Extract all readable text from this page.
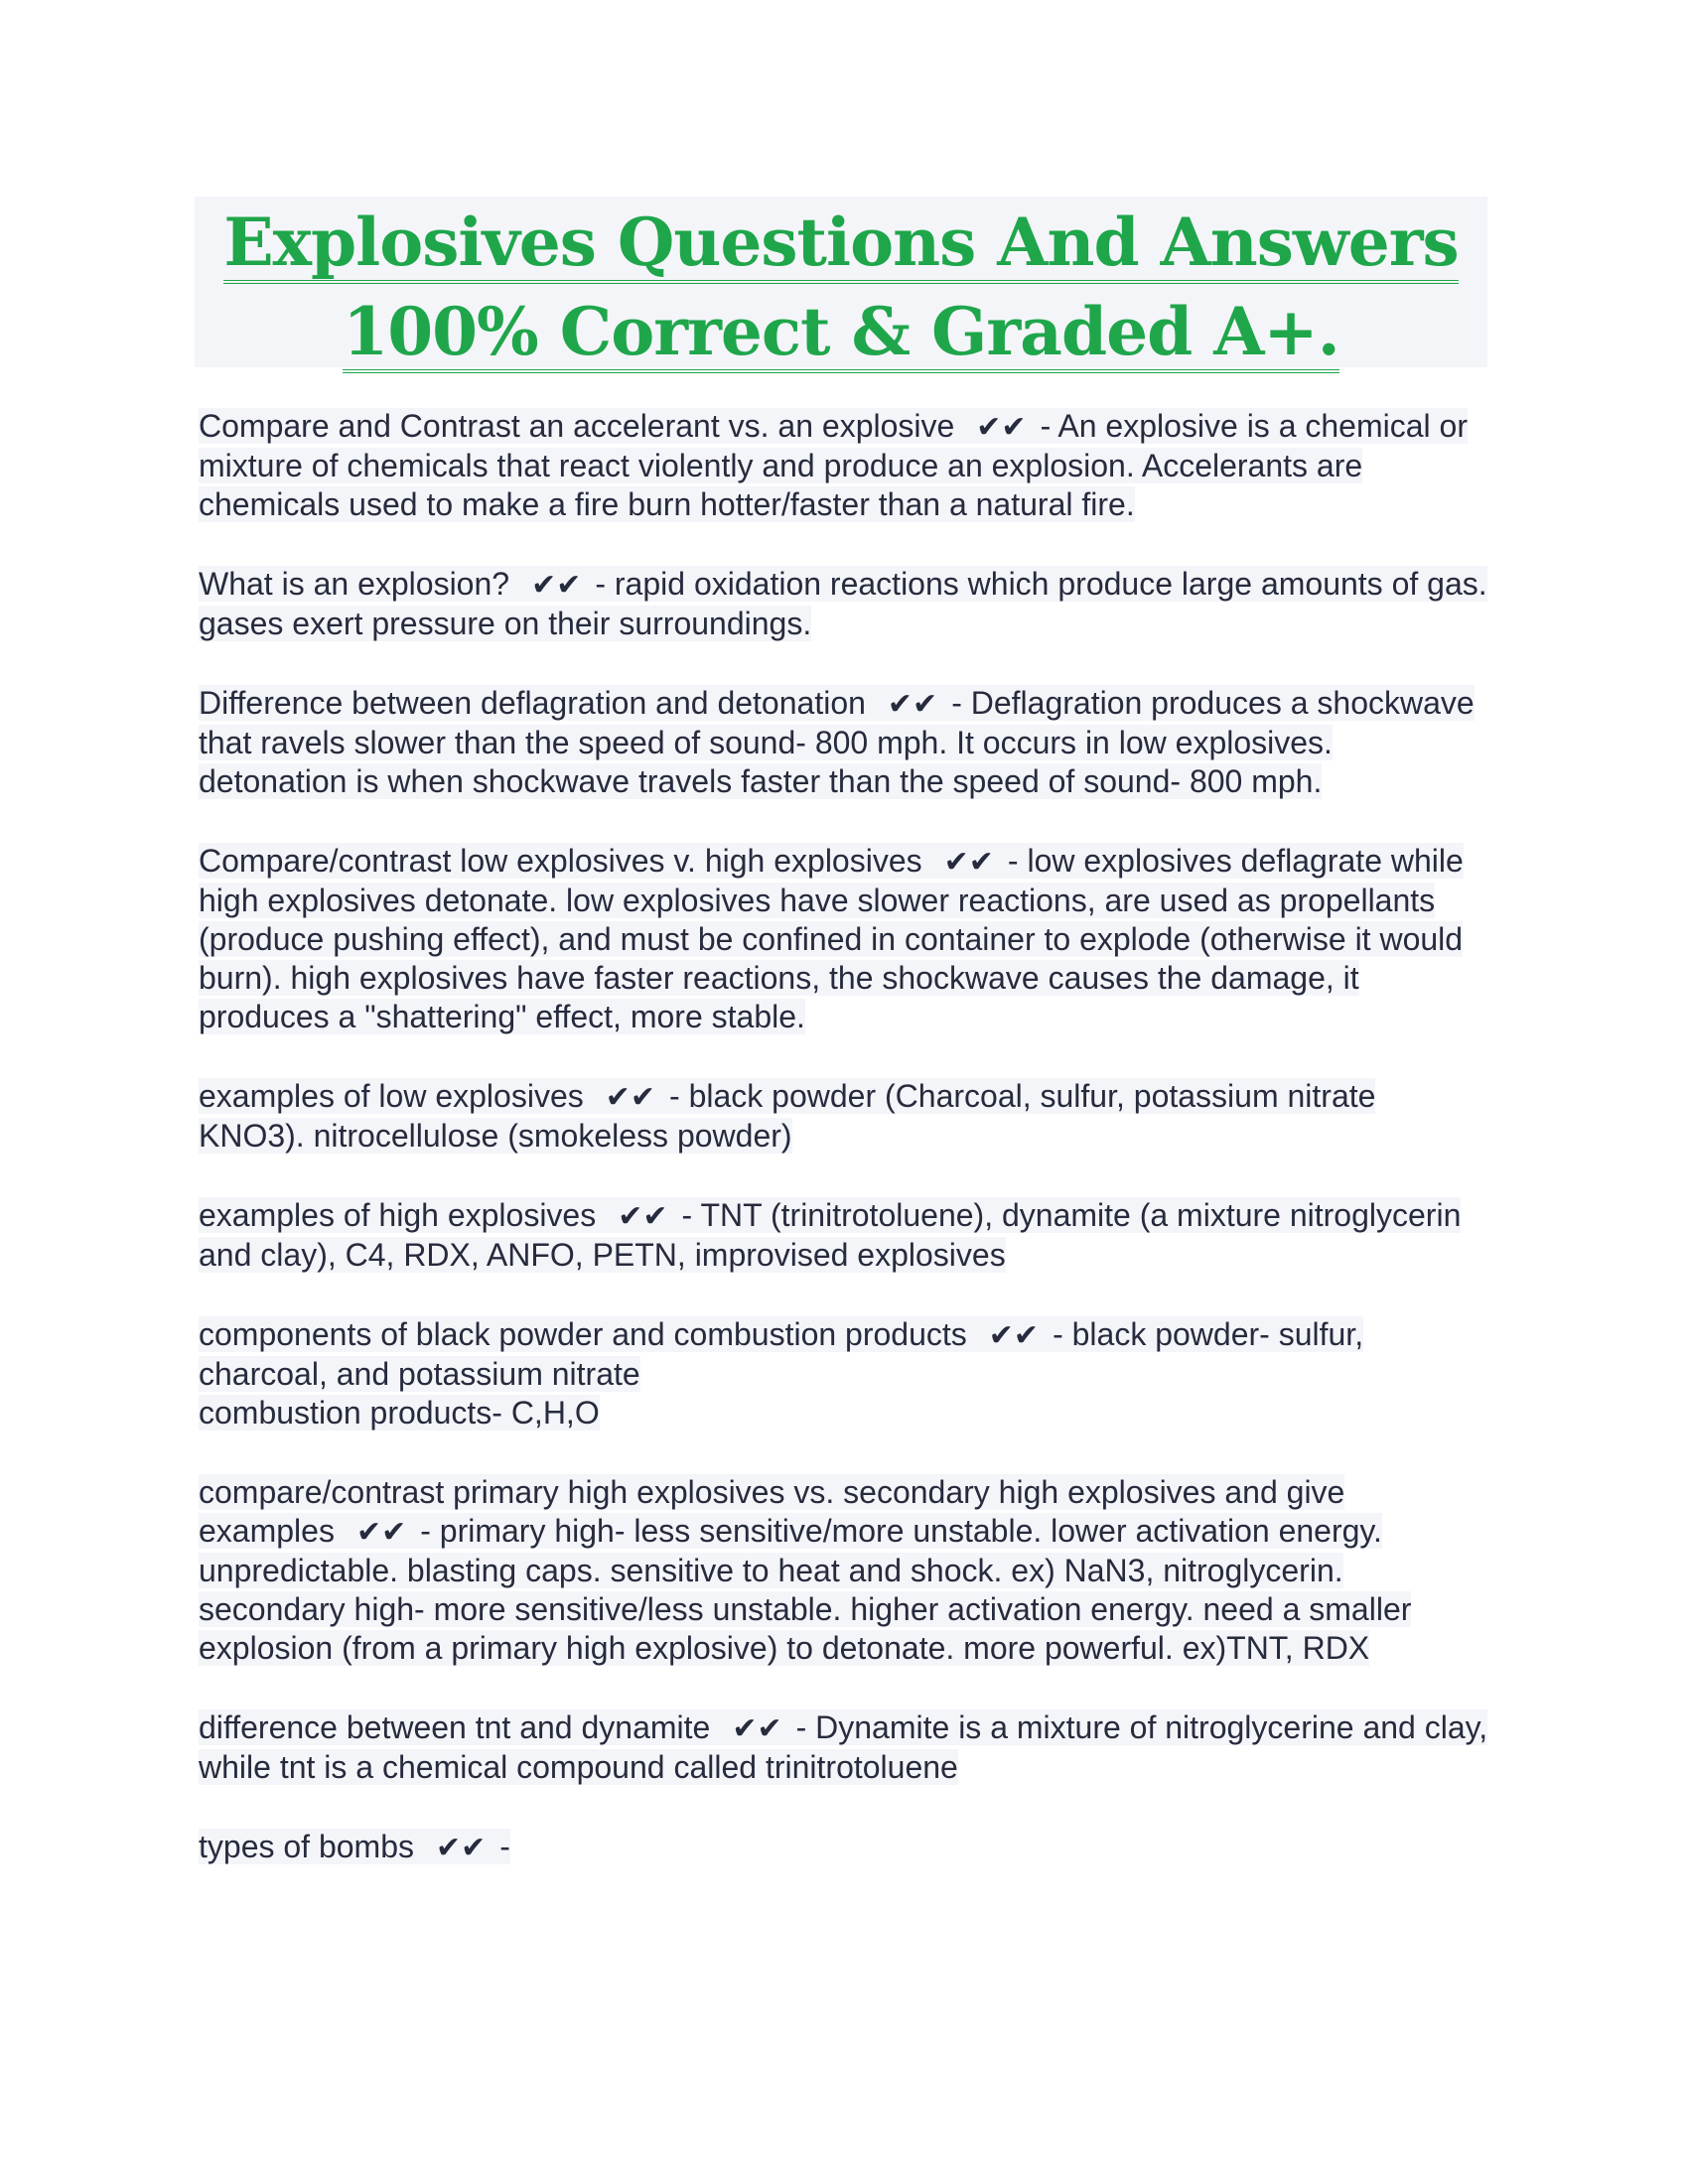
Explosives Questions And Answers
100% Correct & Graded A+.

Compare and Contrast an accelerant vs. an explosive ✔✔ - An explosive is a chemical or mixture of chemicals that react violently and produce an explosion. Accelerants are chemicals used to make a fire burn hotter/faster than a natural fire.

What is an explosion? ✔✔ - rapid oxidation reactions which produce large amounts of gas. gases exert pressure on their surroundings.

Difference between deflagration and detonation ✔✔ - Deflagration produces a shockwave that ravels slower than the speed of sound- 800 mph. It occurs in low explosives. detonation is when shockwave travels faster than the speed of sound- 800 mph.

Compare/contrast low explosives v. high explosives ✔✔ - low explosives deflagrate while high explosives detonate. low explosives have slower reactions, are used as propellants (produce pushing effect), and must be confined in container to explode (otherwise it would burn). high explosives have faster reactions, the shockwave causes the damage, it produces a "shattering" effect, more stable.

examples of low explosives ✔✔ - black powder (Charcoal, sulfur, potassium nitrate KNO3). nitrocellulose (smokeless powder)

examples of high explosives ✔✔ - TNT (trinitrotoluene), dynamite (a mixture nitroglycerin and clay), C4, RDX, ANFO, PETN, improvised explosives

components of black powder and combustion products ✔✔ - black powder- sulfur, charcoal, and potassium nitrate
combustion products- C,H,O

compare/contrast primary high explosives vs. secondary high explosives and give examples ✔✔ - primary high- less sensitive/more unstable. lower activation energy. unpredictable. blasting caps. sensitive to heat and shock. ex) NaN3, nitroglycerin. secondary high- more sensitive/less unstable. higher activation energy. need a smaller explosion (from a primary high explosive) to detonate. more powerful. ex)TNT, RDX

difference between tnt and dynamite ✔✔ - Dynamite is a mixture of nitroglycerine and clay, while tnt is a chemical compound called trinitrotoluene

types of bombs ✔✔ -
